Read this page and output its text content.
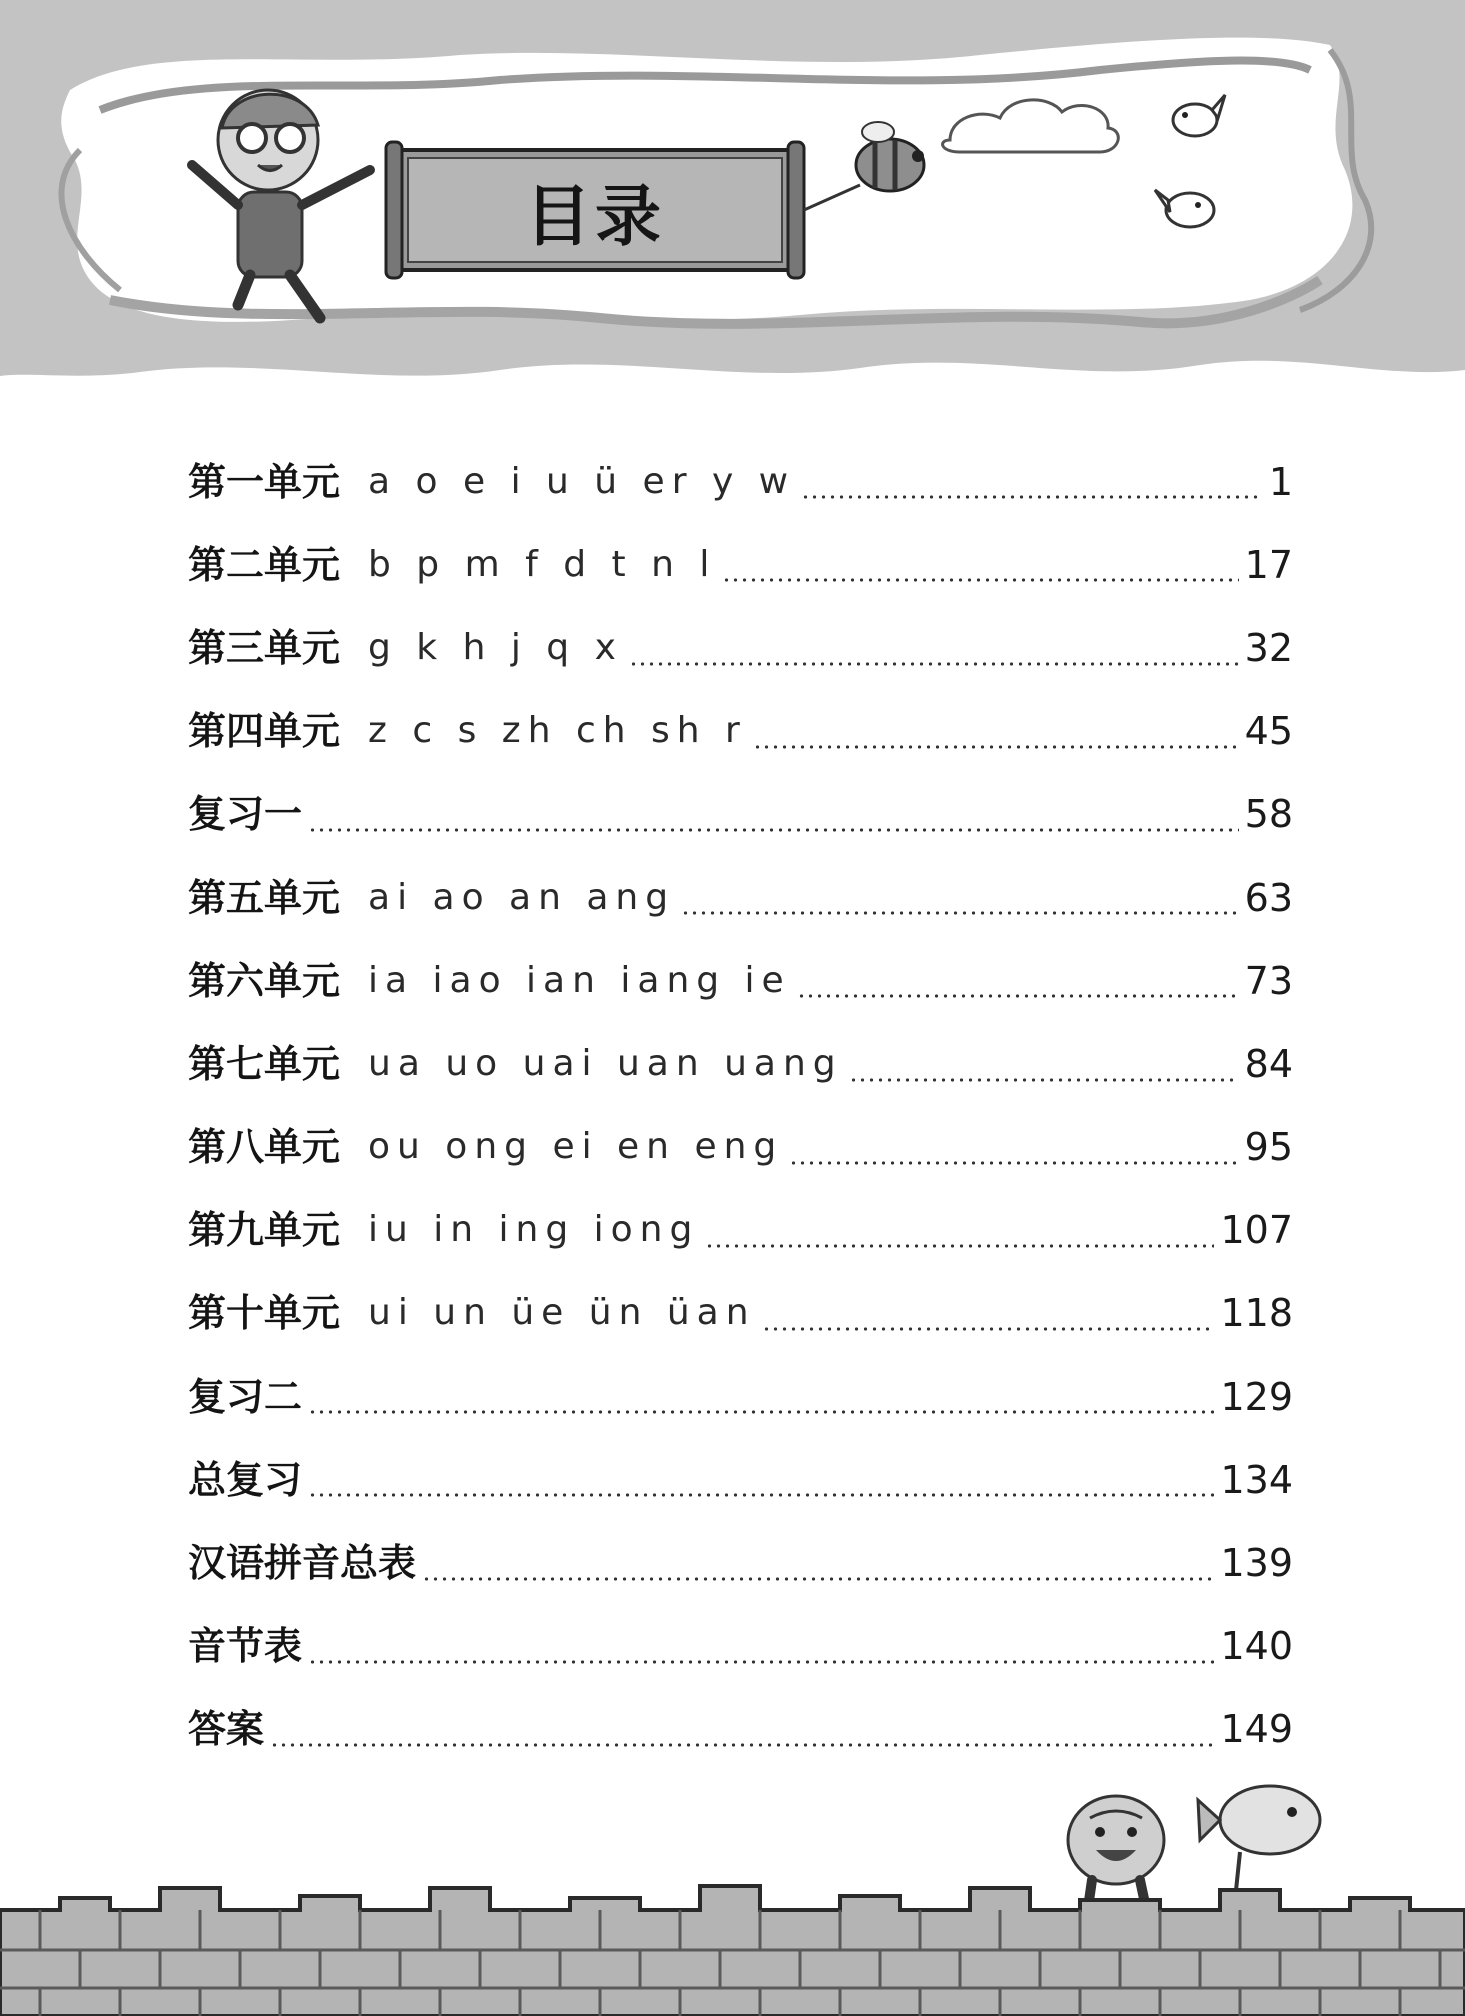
目录
第一单元 a o e i u ü er y w	1
第二单元 b p m f d t n l	17
第三单元 g k h j q x	32
第四单元 z c s zh ch sh r	45
复习一	58
第五单元 ai ao an ang	63
第六单元 ia iao ian iang ie	73
第七单元 ua uo uai uan uang	84
第八单元 ou ong ei en eng	95
第九单元 iu in ing iong	107
第十单元 ui un üe ün üan	118
复习二	129
总复习	134
汉语拼音总表	139
音节表	140
答案	149
